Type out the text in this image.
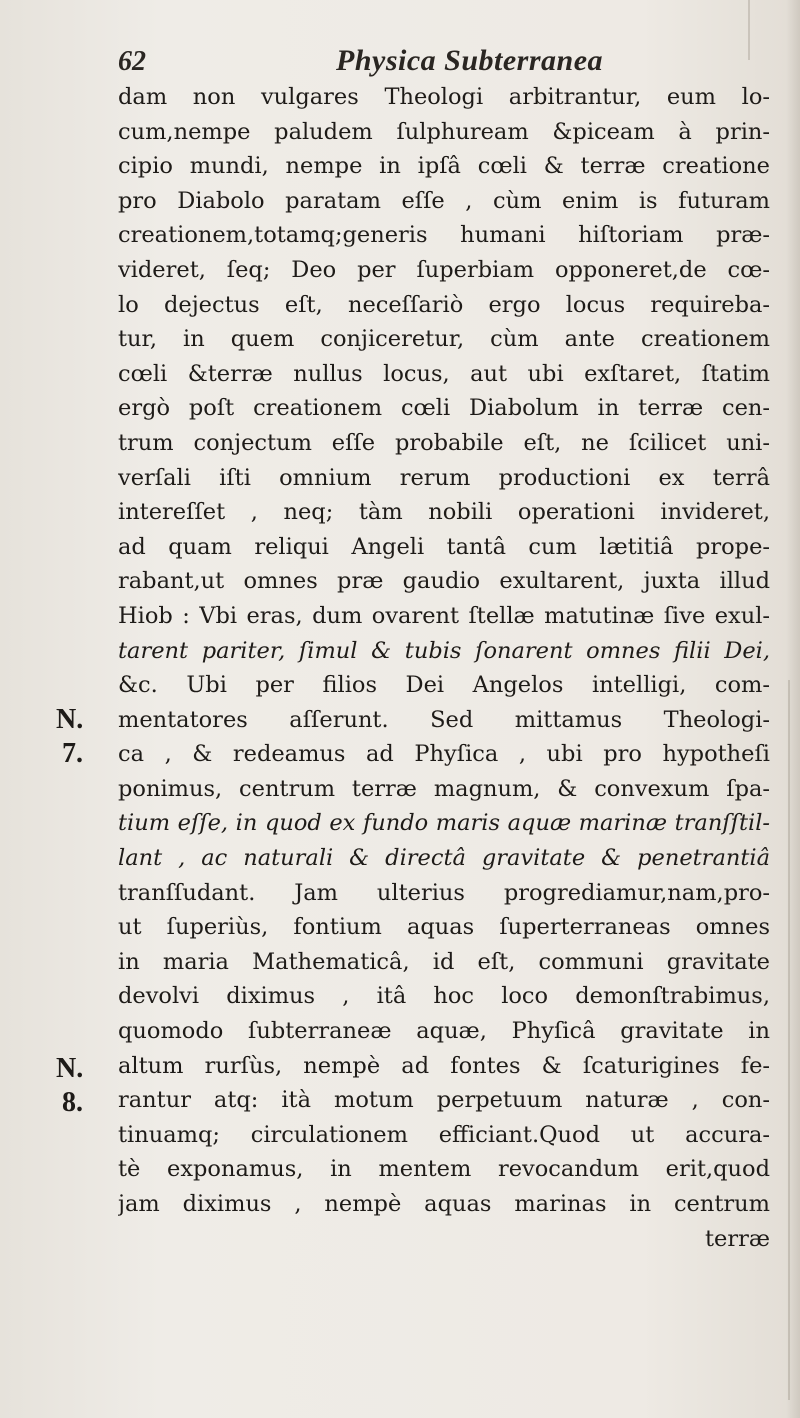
62	Physica Subterranea
N.
7.
N.
8.
dam non vulgares Theologi arbitrantur, eum lo-
cum,nempe paludem ſulphuream &piceam à prin-
cipio mundi, nempe in ipſâ cœli & terræ creatione
pro Diabolo paratam eſſe , cùm enim is futuram
creationem,totamq;generis humani hiſtoriam præ-
videret, ſeq; Deo per ſuperbiam opponeret,de cœ-
lo dejectus eſt, neceſſariò ergo locus requireba-
tur, in quem conjiceretur, cùm ante creationem
cœli &terræ nullus locus, aut ubi exſtaret, ſtatim
ergò poſt creationem cœli Diabolum in terræ cen-
trum conjectum eſſe probabile eſt, ne ſcilicet uni-
verſali iſti omnium rerum productioni ex terrâ
intereſſet , neq; tàm nobili operationi invideret,
ad quam reliqui Angeli tantâ cum lætitiâ prope-
rabant,ut omnes præ gaudio exultarent, juxta illud
Hiob : Vbi eras, dum ovarent ſtellæ matutinæ ſive exul-
tarent pariter, ſimul & tubis ſonarent omnes filii Dei,
&c. Ubi per filios Dei Angelos intelligi, com-
mentatores aſſerunt. Sed mittamus Theologi-
ca , & redeamus ad Phyſica , ubi pro hypotheſi
ponimus, centrum terræ magnum, & convexum ſpa-
tium eſſe, in quod ex fundo maris aquæ marinæ tranſſtil-
lant , ac naturali & directâ gravitate & penetrantiâ
tranſſudant. Jam ulterius progrediamur,nam,pro-
ut ſuperiùs, fontium aquas ſuperterraneas omnes
in maria Mathematicâ, id eſt, communi gravitate
devolvi diximus , itâ hoc loco demonſtrabimus,
quomodo ſubterraneæ aquæ, Phyſicâ gravitate in
altum rurſùs, nempè ad fontes & ſcaturigines fe-
rantur atq: ità motum perpetuum naturæ , con-
tinuamq; circulationem efficiant.Quod ut accura-
tè exponamus, in mentem revocandum erit,quod
jam diximus , nempè aquas marinas in centrum
terræ
